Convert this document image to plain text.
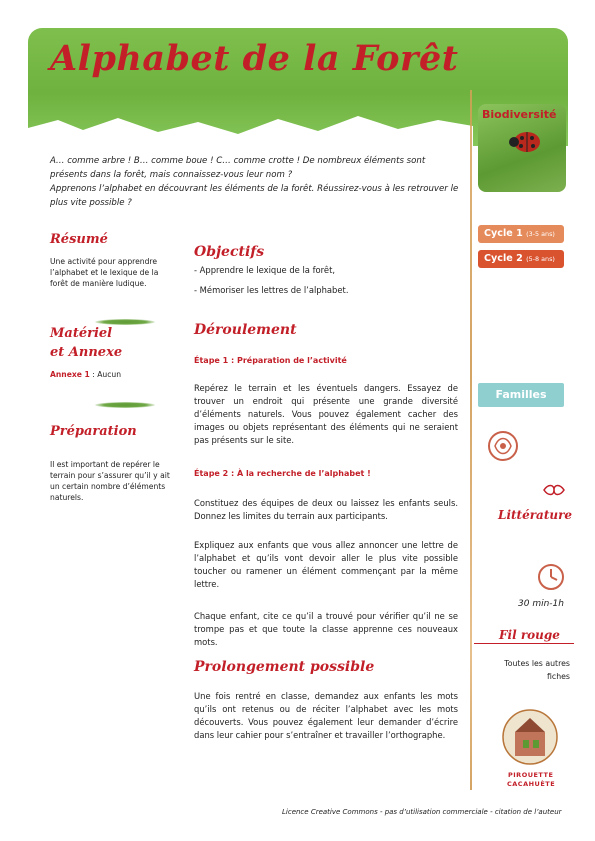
Alphabet de la Forêt

A… comme arbre ! B… comme boue ! C… comme crotte ! De nombreux éléments sont présents dans la forêt, mais connaissez-vous leur nom ?

Apprenons l’alphabet en découvrant les éléments de la forêt. Réussirez-vous à les retrouver le plus vite possible ?

Résumé
Une activité pour apprendre l’alphabet et le lexique de la forêt de manière ludique.
Matériel
et Annexe
Annexe 1 : Aucun
Préparation
Il est important de repérer le terrain pour s’assurer qu’il y ait un certain nombre d’éléments naturels.
Objectifs
- Apprendre le lexique de la forêt,
- Mémoriser les lettres de l’alphabet.
Déroulement
Étape 1 : Préparation de l’activité
Repérez le terrain et les éventuels dangers. Essayez de trouver un endroit qui présente une grande diversité d’éléments naturels. Vous pouvez également cacher des images ou objets représentant des éléments qui ne seraient pas présents sur le site.
Étape 2 : À la recherche de l’alphabet !
Constituez des équipes de deux ou laissez les enfants seuls. Donnez les limites du terrain aux participants.
Expliquez aux enfants que vous allez annoncer une lettre de l’alphabet et qu’ils vont devoir aller le plus vite possible toucher ou ramener un élément commençant par la même lettre.
Chaque enfant, cite ce qu’il a trouvé pour vérifier qu’il ne se trompe pas et que toute la classe apprenne ces nouveaux mots.
Prolongement possible
Une fois rentré en classe, demandez aux enfants les mots qu’ils ont retenus ou de réciter l’alphabet avec les mots découverts. Vous pouvez également leur demander d’écrire dans leur cahier pour s’entraîner et travailler l’orthographe.
Biodiversité
Cycle 1 (3-5 ans)
Cycle 2 (5-8 ans)
Familles
Littérature
30 min-1h
Fil rouge
Toutes les autres fiches
PIROUETTE
CACAHUÈTE
Licence Creative Commons - pas d’utilisation commerciale - citation de l’auteur
